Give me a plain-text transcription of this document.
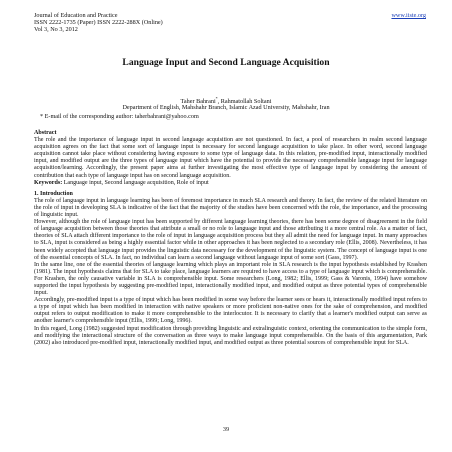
Journal of Education and Practice
ISSN 2222-1735 (Paper) ISSN 2222-288X (Online)
Vol 3, No 3, 2012
www.iiste.org
Language Input and Second Language Acquisition
Taher Bahrani*, Rahmatollah Soltani
Department of English, Mahshahr Branch, Islamic Azad University, Mahshahr, Iran
* E-mail of the corresponding author: taherbahrani@yahoo.com

Abstract

The role and the importance of language input in second language acquisition are not questioned. In fact, a pool of researchers in realm second language acquisition agrees on the fact that some sort of language input is necessary for second language acquisition to take place. In other word, second language acquisition cannot take place without considering having exposure to some type of language data. In this relation, pre-modified input, interactionally modified input, and modified output are the three types of language input which have the potential to provide the necessary comprehensible language input for language acquisition/learning. Accordingly, the present paper aims at further investigating the most effective type of language input by considering the amount of contribution that each type of language input has on second language acquisition.

Keywords: Language input, Second language acquisition, Role of input

1. Introduction

The role of language input in language learning has been of foremost importance in much SLA research and theory. In fact, the review of the related literature on the role of input in developing SLA is indicative of the fact that the majority of the studies have been concerned with the role, the importance, and the processing of linguistic input.

However, although the role of language input has been supported by different language learning theories, there has been some degree of disagreement in the field of language acquisition between those theories that attribute a small or no role to language input and those attributing it a more central role. As a matter of fact, theories of SLA attach different importance to the role of input in language acquisition process but they all admit the need for language input. In many approaches to SLA, input is considered as being a highly essential factor while in other approaches it has been neglected to a secondary role (Ellis, 2008). Nevertheless, it has been widely accepted that language input provides the linguistic data necessary for the development of the linguistic system. The concept of language input is one of the essential concepts of SLA. In fact, no individual can learn a second language without language input of some sort (Gass, 1997).

In the same line, one of the essential theories of language learning which plays an important role in SLA research is the input hypothesis established by Krashen (1981). The input hypothesis claims that for SLA to take place, language learners are required to have access to a type of language input which is comprehensible. For Krashen, the only causative variable in SLA is comprehensible input. Some researchers (Long, 1982; Ellis, 1999; Gass & Varonis, 1994) have somehow supported the input hypothesis by suggesting pre-modified input, interactionally modified input, and modified output as three potential types of comprehensible input.

Accordingly, pre-modified input is a type of input which has been modified in some way before the learner sees or hears it, interactionally modified input refers to a type of input which has been modified in interaction with native speakers or more proficient non-native ones for the sake of comprehension, and modified output refers to output modification to make it more comprehensible to the interlocutor. It is necessary to clarify that a learner's modified output can serve as another learner's comprehensible input (Ellis, 1999; Long, 1996).

In this regard, Long (1982) suggested input modification through providing linguistic and extralinguistic context, orienting the communication to the simple form, and modifying the interactional structure of the conversation as three ways to make language input comprehensible. On the basis of this argumentation, Park (2002) also introduced pre-modified input, interactionally modified input, and modified output as three potential sources of comprehensible input for SLA.

39
